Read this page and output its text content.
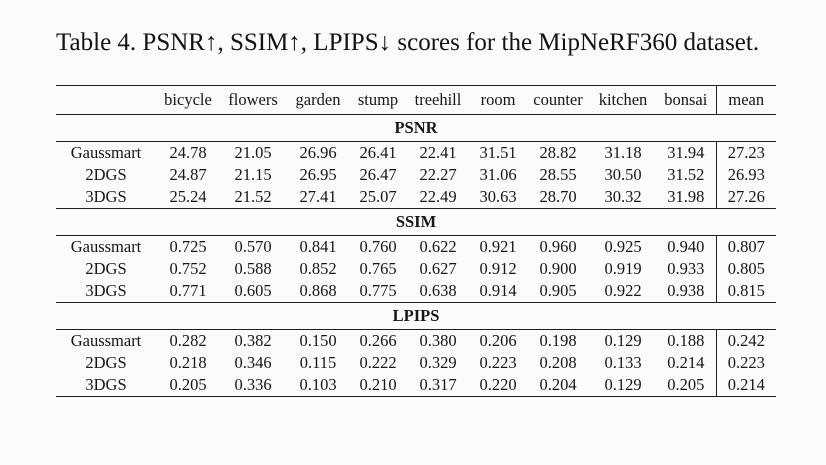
Table 4. PSNR↑, SSIM↑, LPIPS↓ scores for the MipNeRF360 dataset.
	bicycle	flowers	garden	stump	treehill	room	counter	kitchen	bonsai	mean
PSNR										
Gaussmart	24.78	21.05	26.96	26.41	22.41	31.51	28.82	31.18	31.94	27.23
2DGS	24.87	21.15	26.95	26.47	22.27	31.06	28.55	30.50	31.52	26.93
3DGS	25.24	21.52	27.41	25.07	22.49	30.63	28.70	30.32	31.98	27.26
SSIM										
Gaussmart	0.725	0.570	0.841	0.760	0.622	0.921	0.960	0.925	0.940	0.807
2DGS	0.752	0.588	0.852	0.765	0.627	0.912	0.900	0.919	0.933	0.805
3DGS	0.771	0.605	0.868	0.775	0.638	0.914	0.905	0.922	0.938	0.815
LPIPS										
Gaussmart	0.282	0.382	0.150	0.266	0.380	0.206	0.198	0.129	0.188	0.242
2DGS	0.218	0.346	0.115	0.222	0.329	0.223	0.208	0.133	0.214	0.223
3DGS	0.205	0.336	0.103	0.210	0.317	0.220	0.204	0.129	0.205	0.214
